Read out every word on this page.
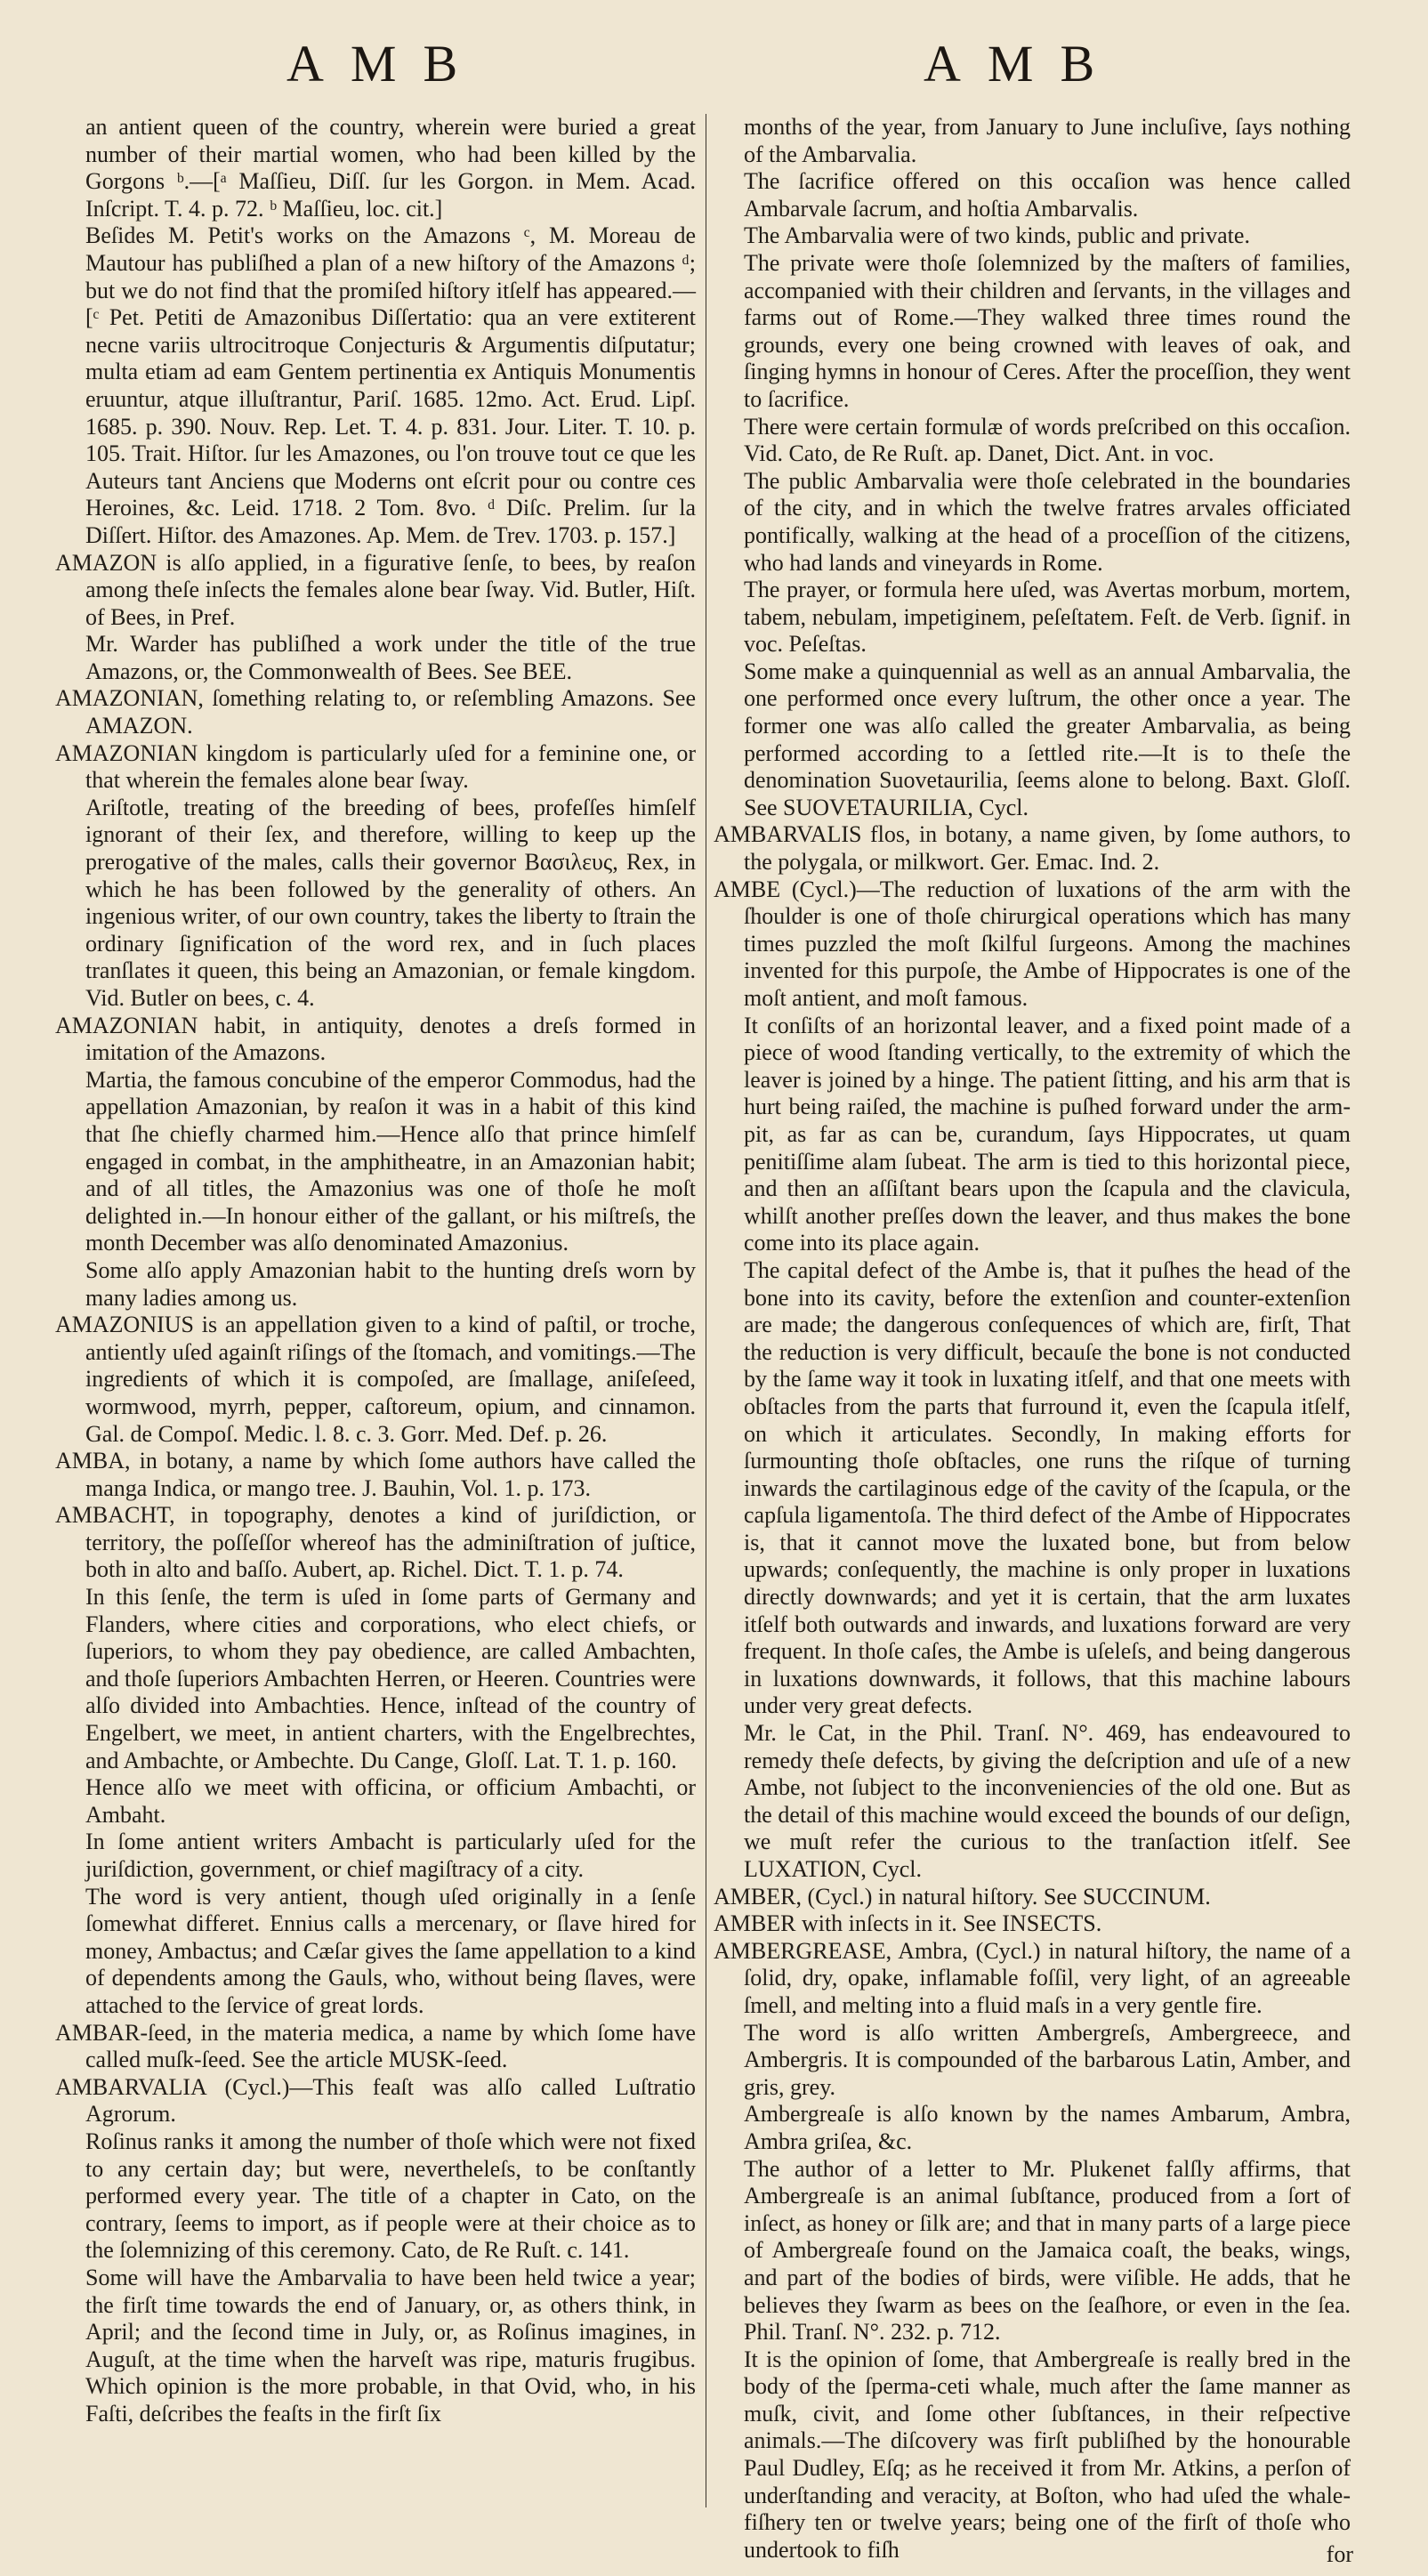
AMB	AMB

an antient queen of the country, wherein were buried a great number of their martial women, who had been killed by the Gorgons ᵇ.—[ᵃ Maſſieu, Diſſ. ſur les Gorgon. in Mem. Acad. Inſcript. T. 4. p. 72. ᵇ Maſſieu, loc. cit.]

Beſides M. Petit's works on the Amazons ᶜ, M. Moreau de Mautour has publiſhed a plan of a new hiſtory of the Amazons ᵈ; but we do not find that the promiſed hiſtory itſelf has appeared.—[ᶜ Pet. Petiti de Amazonibus Diſſertatio: qua an vere extiterent necne variis ultrocitroque Conjecturis & Argumentis diſputatur; multa etiam ad eam Gentem pertinentia ex Antiquis Monumentis eruuntur, atque illuſtrantur, Pariſ. 1685. 12mo. Act. Erud. Lipſ. 1685. p. 390. Nouv. Rep. Let. T. 4. p. 831. Jour. Liter. T. 10. p. 105. Trait. Hiſtor. ſur les Amazones, ou l'on trouve tout ce que les Auteurs tant Anciens que Moderns ont eſcrit pour ou contre ces Heroines, &c. Leid. 1718. 2 Tom. 8vo. ᵈ Diſc. Prelim. ſur la Diſſert. Hiſtor. des Amazones. Ap. Mem. de Trev. 1703. p. 157.]

AMAZON is alſo applied, in a figurative ſenſe, to bees, by reaſon among theſe inſects the females alone bear ſway. Vid. Butler, Hiſt. of Bees, in Pref.

Mr. Warder has publiſhed a work under the title of the true Amazons, or, the Commonwealth of Bees. See BEE.

AMAZONIAN, ſomething relating to, or reſembling Amazons. See AMAZON.

AMAZONIAN kingdom is particularly uſed for a feminine one, or that wherein the females alone bear ſway.

Ariſtotle, treating of the breeding of bees, profeſſes himſelf ignorant of their ſex, and therefore, willing to keep up the prerogative of the males, calls their governor Βασιλευς, Rex, in which he has been followed by the generality of others. An ingenious writer, of our own country, takes the liberty to ſtrain the ordinary ſignification of the word rex, and in ſuch places tranſlates it queen, this being an Amazonian, or female kingdom. Vid. Butler on bees, c. 4.

AMAZONIAN habit, in antiquity, denotes a dreſs formed in imitation of the Amazons.

Martia, the famous concubine of the emperor Commodus, had the appellation Amazonian, by reaſon it was in a habit of this kind that ſhe chiefly charmed him.—Hence alſo that prince himſelf engaged in combat, in the amphitheatre, in an Amazonian habit; and of all titles, the Amazonius was one of thoſe he moſt delighted in.—In honour either of the gallant, or his miſtreſs, the month December was alſo denominated Amazonius.

Some alſo apply Amazonian habit to the hunting dreſs worn by many ladies among us.

AMAZONIUS is an appellation given to a kind of paſtil, or troche, antiently uſed againſt riſings of the ſtomach, and vomitings.—The ingredients of which it is compoſed, are ſmallage, aniſeſeed, wormwood, myrrh, pepper, caſtoreum, opium, and cinnamon. Gal. de Compoſ. Medic. l. 8. c. 3. Gorr. Med. Def. p. 26.

AMBA, in botany, a name by which ſome authors have called the manga Indica, or mango tree. J. Bauhin, Vol. 1. p. 173.

AMBACHT, in topography, denotes a kind of juriſdiction, or territory, the poſſeſſor whereof has the adminiſtration of juſtice, both in alto and baſſo. Aubert, ap. Richel. Dict. T. 1. p. 74.

In this ſenſe, the term is uſed in ſome parts of Germany and Flanders, where cities and corporations, who elect chiefs, or ſuperiors, to whom they pay obedience, are called Ambachten, and thoſe ſuperiors Ambachten Herren, or Heeren. Countries were alſo divided into Ambachties. Hence, inſtead of the country of Engelbert, we meet, in antient charters, with the Engelbrechtes, and Ambachte, or Ambechte. Du Cange, Gloſſ. Lat. T. 1. p. 160.

Hence alſo we meet with officina, or officium Ambachti, or Ambaht.

In ſome antient writers Ambacht is particularly uſed for the juriſdiction, government, or chief magiſtracy of a city.

The word is very antient, though uſed originally in a ſenſe ſomewhat differet. Ennius calls a mercenary, or ſlave hired for money, Ambactus; and Cæſar gives the ſame appellation to a kind of dependents among the Gauls, who, without being ſlaves, were attached to the ſervice of great lords.

AMBAR-ſeed, in the materia medica, a name by which ſome have called muſk-ſeed. See the article MUSK-ſeed.

AMBARVALIA (Cycl.)—This feaſt was alſo called Luſtratio Agrorum.

Roſinus ranks it among the number of thoſe which were not fixed to any certain day; but were, nevertheleſs, to be conſtantly performed every year. The title of a chapter in Cato, on the contrary, ſeems to import, as if people were at their choice as to the ſolemnizing of this ceremony. Cato, de Re Ruſt. c. 141.

Some will have the Ambarvalia to have been held twice a year; the firſt time towards the end of January, or, as others think, in April; and the ſecond time in July, or, as Roſinus imagines, in Auguſt, at the time when the harveſt was ripe, maturis frugibus. Which opinion is the more probable, in that Ovid, who, in his Faſti, deſcribes the feaſts in the firſt ſix

months of the year, from January to June incluſive, ſays nothing of the Ambarvalia.

The ſacrifice offered on this occaſion was hence called Ambarvale ſacrum, and hoſtia Ambarvalis.

The Ambarvalia were of two kinds, public and private.

The private were thoſe ſolemnized by the maſters of families, accompanied with their children and ſervants, in the villages and farms out of Rome.—They walked three times round the grounds, every one being crowned with leaves of oak, and ſinging hymns in honour of Ceres. After the proceſſion, they went to ſacrifice.

There were certain formulæ of words preſcribed on this occaſion. Vid. Cato, de Re Ruſt. ap. Danet, Dict. Ant. in voc.

The public Ambarvalia were thoſe celebrated in the boundaries of the city, and in which the twelve fratres arvales officiated pontifically, walking at the head of a proceſſion of the citizens, who had lands and vineyards in Rome.

The prayer, or formula here uſed, was Avertas morbum, mortem, tabem, nebulam, impetiginem, peſeſtatem. Feſt. de Verb. ſignif. in voc. Peſeſtas.

Some make a quinquennial as well as an annual Ambarvalia, the one performed once every luſtrum, the other once a year. The former one was alſo called the greater Ambarvalia, as being performed according to a ſettled rite.—It is to theſe the denomination Suovetaurilia, ſeems alone to belong. Baxt. Gloſſ. See SUOVETAURILIA, Cycl.

AMBARVALIS flos, in botany, a name given, by ſome authors, to the polygala, or milkwort. Ger. Emac. Ind. 2.

AMBE (Cycl.)—The reduction of luxations of the arm with the ſhoulder is one of thoſe chirurgical operations which has many times puzzled the moſt ſkilful ſurgeons. Among the machines invented for this purpoſe, the Ambe of Hippocrates is one of the moſt antient, and moſt famous.

It conſiſts of an horizontal leaver, and a fixed point made of a piece of wood ſtanding vertically, to the extremity of which the leaver is joined by a hinge. The patient ſitting, and his arm that is hurt being raiſed, the machine is puſhed forward under the arm-pit, as far as can be, curandum, ſays Hippocrates, ut quam penitiſſime alam ſubeat. The arm is tied to this horizontal piece, and then an aſſiſtant bears upon the ſcapula and the clavicula, whilſt another preſſes down the leaver, and thus makes the bone come into its place again.

The capital defect of the Ambe is, that it puſhes the head of the bone into its cavity, before the extenſion and counter-extenſion are made; the dangerous conſequences of which are, firſt, That the reduction is very difficult, becauſe the bone is not conducted by the ſame way it took in luxating itſelf, and that one meets with obſtacles from the parts that furround it, even the ſcapula itſelf, on which it articulates. Secondly, In making efforts for ſurmounting thoſe obſtacles, one runs the riſque of turning inwards the cartilaginous edge of the cavity of the ſcapula, or the capſula ligamentoſa. The third defect of the Ambe of Hippocrates is, that it cannot move the luxated bone, but from below upwards; conſequently, the machine is only proper in luxations directly downwards; and yet it is certain, that the arm luxates itſelf both outwards and inwards, and luxations forward are very frequent. In thoſe caſes, the Ambe is uſeleſs, and being dangerous in luxations downwards, it follows, that this machine labours under very great defects.

Mr. le Cat, in the Phil. Tranſ. N°. 469, has endeavoured to remedy theſe defects, by giving the deſcription and uſe of a new Ambe, not ſubject to the inconveniencies of the old one. But as the detail of this machine would exceed the bounds of our deſign, we muſt refer the curious to the tranſaction itſelf. See LUXATION, Cycl.

AMBER, (Cycl.) in natural hiſtory. See SUCCINUM.

AMBER with inſects in it. See INSECTS.

AMBERGREASE, Ambra, (Cycl.) in natural hiſtory, the name of a ſolid, dry, opake, inflamable foſſil, very light, of an agreeable ſmell, and melting into a fluid maſs in a very gentle fire.

The word is alſo written Ambergreſs, Ambergreece, and Ambergris. It is compounded of the barbarous Latin, Amber, and gris, grey.

Ambergreaſe is alſo known by the names Ambarum, Ambra, Ambra griſea, &c.

The author of a letter to Mr. Plukenet falſly affirms, that Ambergreaſe is an animal ſubſtance, produced from a ſort of inſect, as honey or ſilk are; and that in many parts of a large piece of Ambergreaſe found on the Jamaica coaſt, the beaks, wings, and part of the bodies of birds, were viſible. He adds, that he believes they ſwarm as bees on the ſeaſhore, or even in the ſea. Phil. Tranſ. N°. 232. p. 712.

It is the opinion of ſome, that Ambergreaſe is really bred in the body of the ſperma-ceti whale, much after the ſame manner as muſk, civit, and ſome other ſubſtances, in their reſpective animals.—The diſcovery was firſt publiſhed by the honourable Paul Dudley, Eſq; as he received it from Mr. Atkins, a perſon of underſtanding and veracity, at Boſton, who had uſed the whale-fiſhery ten or twelve years; being one of the firſt of thoſe who undertook to fiſh	for
